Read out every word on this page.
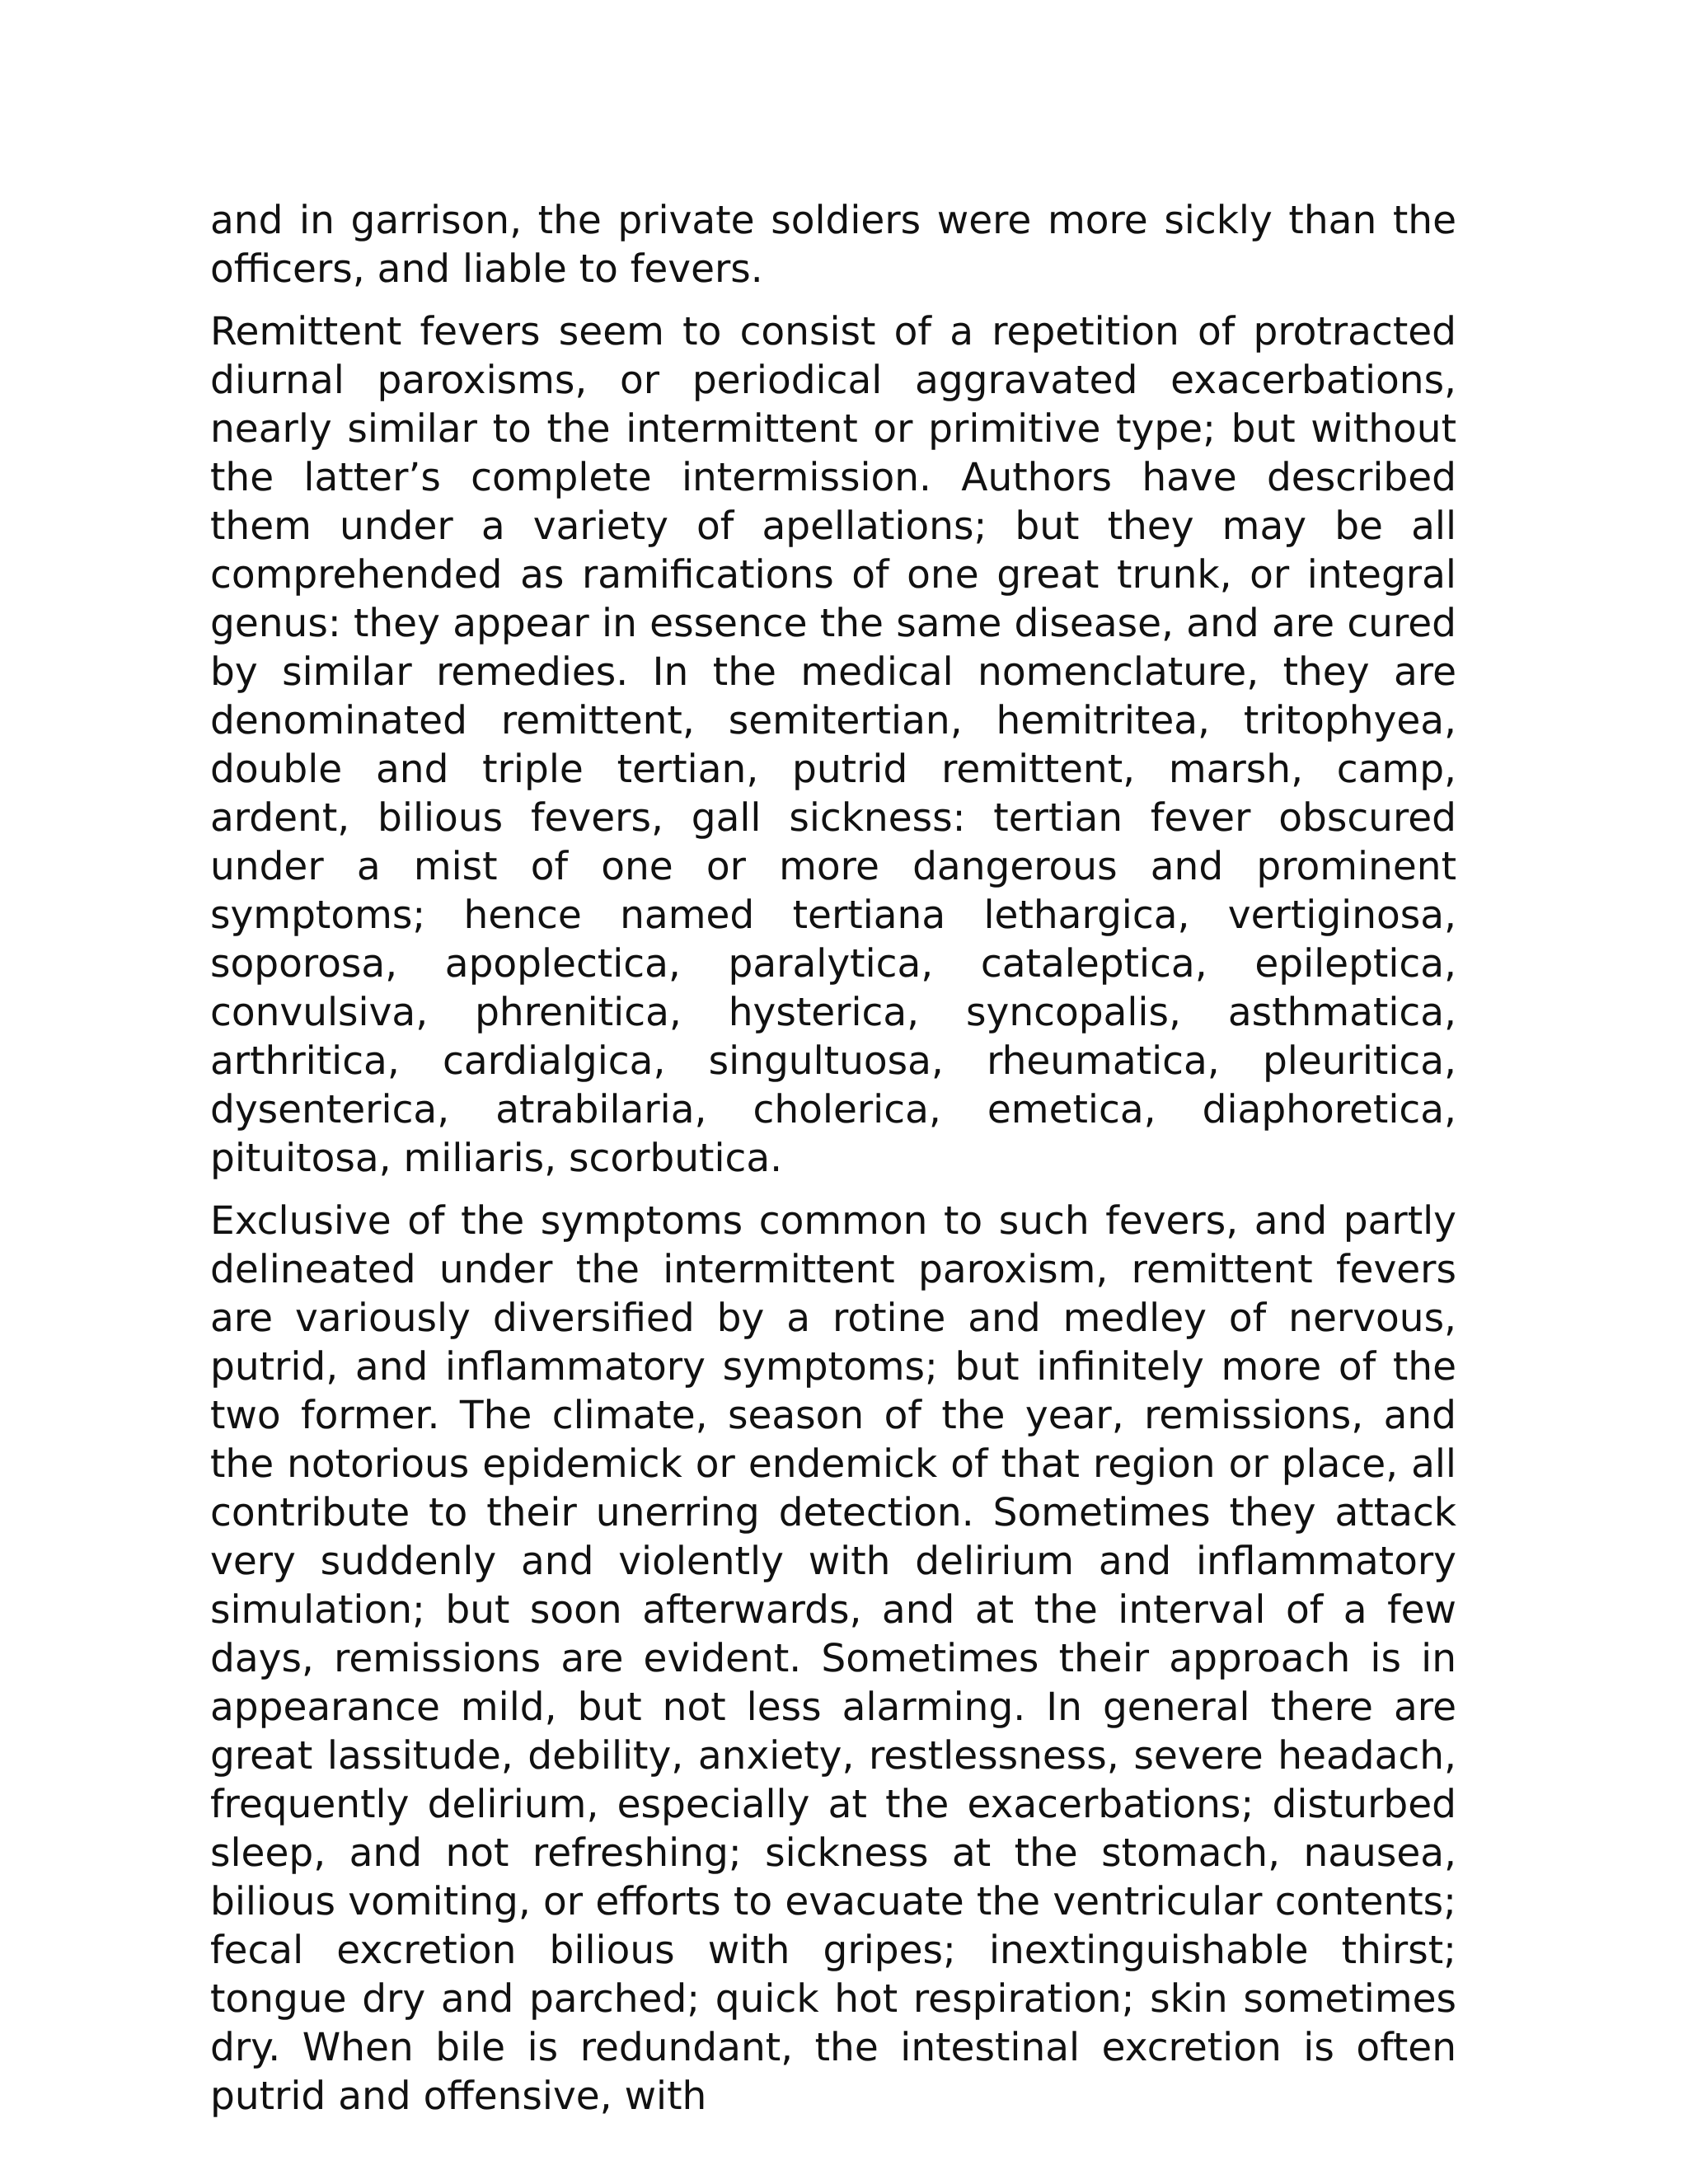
and in garrison, the private soldiers were more sickly than the officers, and liable to fevers.

Remittent fevers seem to consist of a repetition of protracted diurnal paroxisms, or periodical aggravated exacerbations, nearly similar to the intermittent or primitive type; but without the latter’s complete intermission. Authors have described them under a variety of apellations; but they may be all comprehended as ramifications of one great trunk, or integral genus: they appear in essence the same disease, and are cured by similar remedies. In the medical nomenclature, they are denominated remittent, semitertian, hemitritea, tritophyea, double and triple tertian, putrid remittent, marsh, camp, ardent, bilious fevers, gall sickness: tertian fever obscured under a mist of one or more dangerous and prominent symptoms; hence named tertiana lethargica, vertiginosa, soporosa, apoplectica, paralytica, cataleptica, epileptica, convulsiva, phrenitica, hysterica, syncopalis, asthmatica, arthritica, cardialgica, singultuosa, rheumatica, pleuritica, dysenterica, atrabilaria, cholerica, emetica, diaphoretica, pituitosa, miliaris, scorbutica.

Exclusive of the symptoms common to such fevers, and partly delineated under the intermittent paroxism, remittent fevers are variously diversified by a rotine and medley of nervous, putrid, and inflammatory symptoms; but infinitely more of the two former. The climate, season of the year, remissions, and the notorious epidemick or endemick of that region or place, all contribute to their unerring detection. Sometimes they attack very suddenly and violently with delirium and inflammatory simulation; but soon afterwards, and at the interval of a few days, remissions are evident. Sometimes their approach is in appearance mild, but not less alarming. In general there are great lassitude, debility, anxiety, restlessness, severe headach, frequently delirium, especially at the exacerbations; disturbed sleep, and not refreshing; sickness at the stomach, nausea, bilious vomiting, or efforts to evacuate the ventricular contents; fecal excretion bilious with gripes; inextinguishable thirst; tongue dry and parched; quick hot respiration; skin sometimes dry. When bile is redundant, the intestinal excretion is often putrid and offensive, with
